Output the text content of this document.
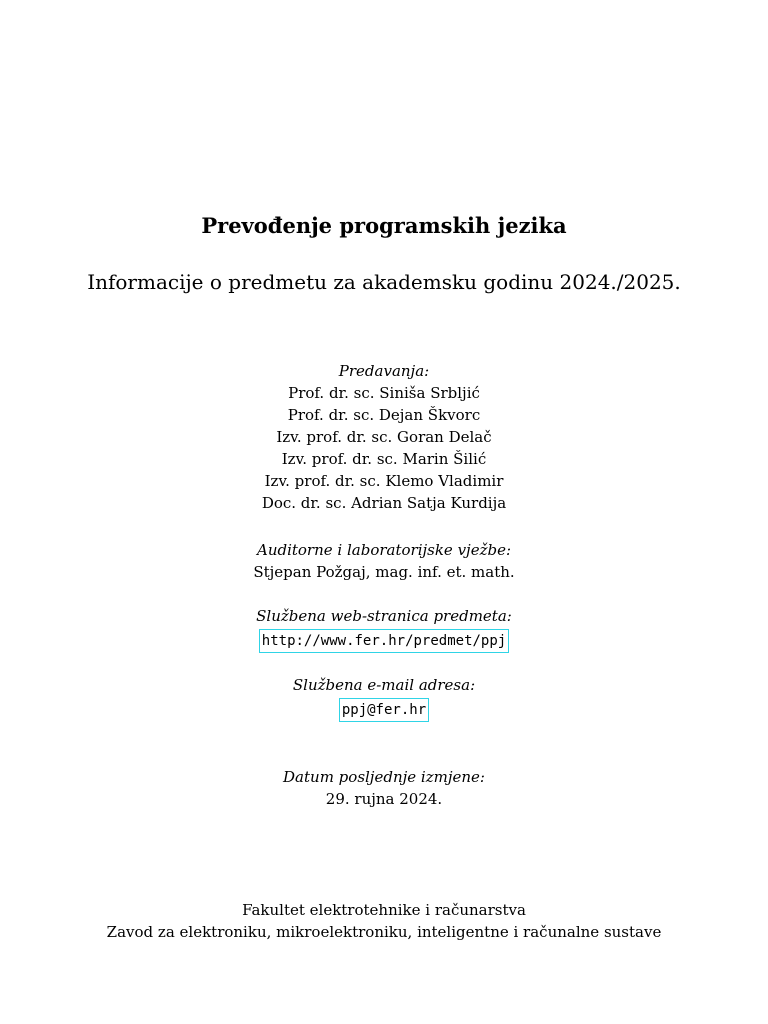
Prevođenje programskih jezika
Informacije o predmetu za akademsku godinu 2024./2025.
Predavanja:
Prof. dr. sc. Siniša Srbljić
Prof. dr. sc. Dejan Škvorc
Izv. prof. dr. sc. Goran Delač
Izv. prof. dr. sc. Marin Šilić
Izv. prof. dr. sc. Klemo Vladimir
Doc. dr. sc. Adrian Satja Kurdija
Auditorne i laboratorijske vježbe:
Stjepan Požgaj, mag. inf. et. math.
Službena web-stranica predmeta:
http://www.fer.hr/predmet/ppj
Službena e-mail adresa:
ppj@fer.hr
Datum posljednje izmjene:
29. rujna 2024.
Fakultet elektrotehnike i računarstva
Zavod za elektroniku, mikroelektroniku, inteligentne i računalne sustave
